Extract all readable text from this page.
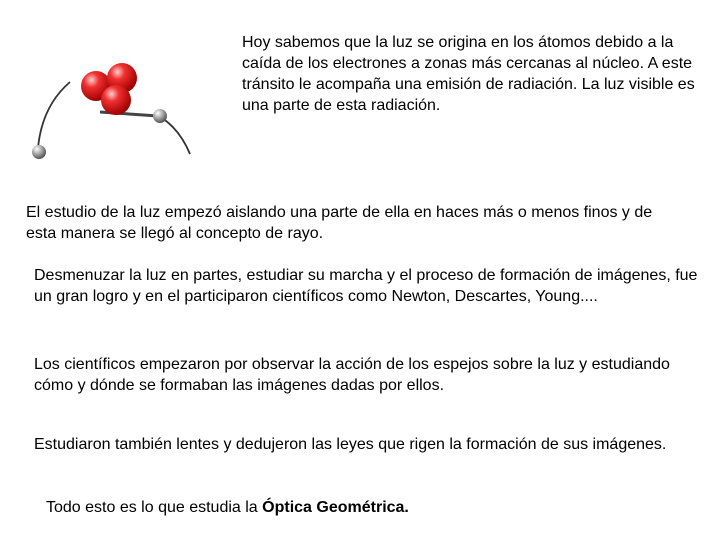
Hoy sabemos que la luz se origina en los átomos debido a la caída de los electrones a zonas más cercanas al núcleo. A este tránsito le acompaña una emisión de radiación. La luz visible es una parte de esta radiación.

El estudio de la luz empezó aislando una parte de ella en haces más o menos finos y de esta manera se llegó al concepto de rayo.

Desmenuzar la luz en partes, estudiar su marcha y el proceso de formación de imágenes, fue un gran logro y en el participaron científicos como Newton, Descartes, Young....

Los científicos empezaron por observar la acción de los espejos sobre la luz y estudiando cómo y dónde se formaban las imágenes dadas por ellos.

Estudiaron también lentes y dedujeron las leyes que rigen la formación de sus imágenes.

Todo esto es lo que estudia la Óptica Geométrica.
